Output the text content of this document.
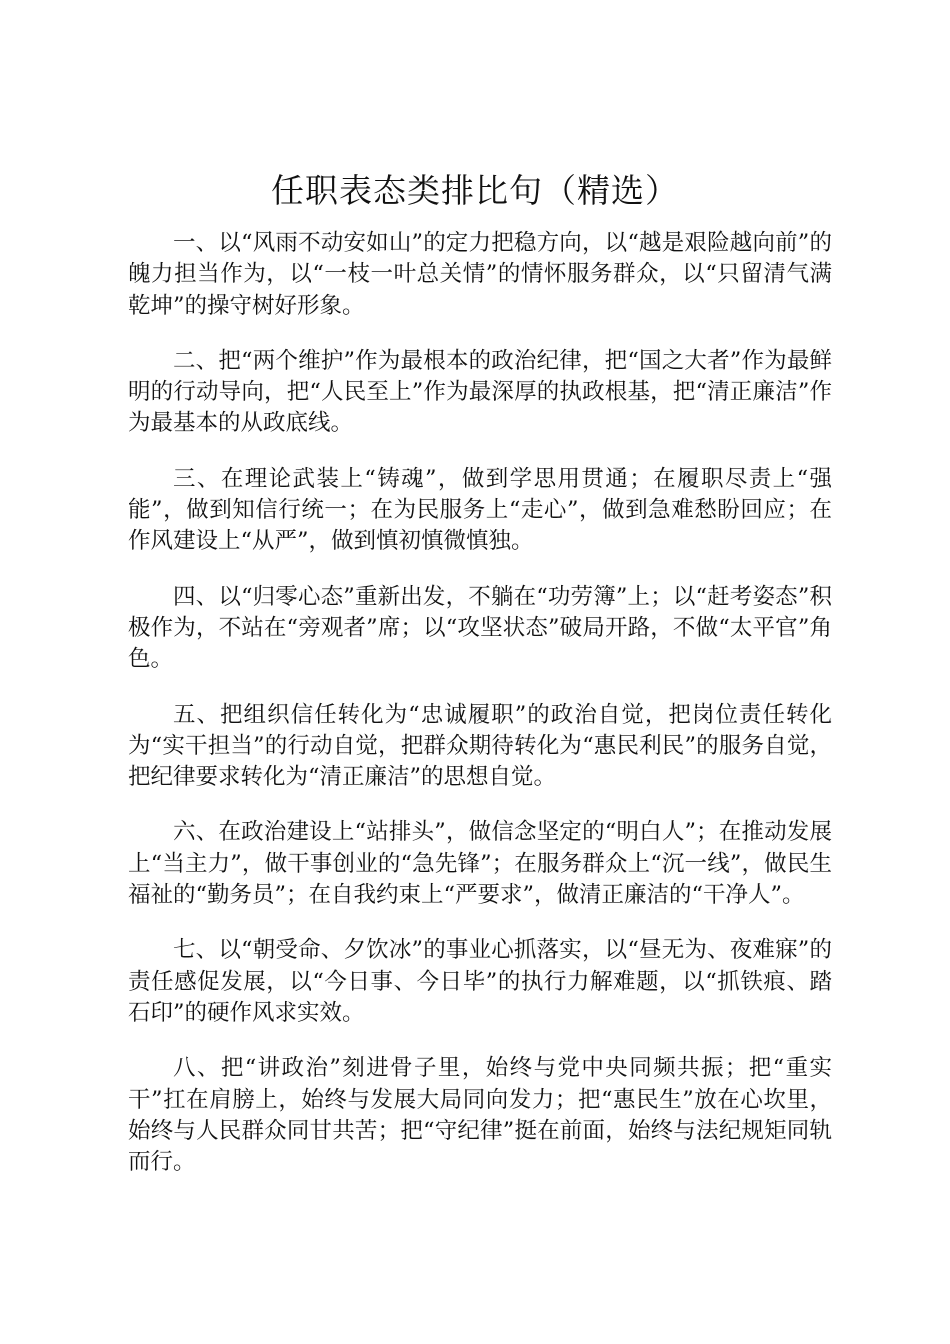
任职表态类排比句（精选）

一、以“风雨不动安如山”的定力把稳方向，以“越是艰险越向前”的魄力担当作为，以“一枝一叶总关情”的情怀服务群众，以“只留清气满乾坤”的操守树好形象。

二、把“两个维护”作为最根本的政治纪律，把“国之大者”作为最鲜明的行动导向，把“人民至上”作为最深厚的执政根基，把“清正廉洁”作为最基本的从政底线。

三、在理论武装上“铸魂”，做到学思用贯通；在履职尽责上“强能”，做到知信行统一；在为民服务上“走心”，做到急难愁盼回应；在作风建设上“从严”，做到慎初慎微慎独。

四、以“归零心态”重新出发，不躺在“功劳簿”上；以“赶考姿态”积极作为，不站在“旁观者”席；以“攻坚状态”破局开路，不做“太平官”角色。

五、把组织信任转化为“忠诚履职”的政治自觉，把岗位责任转化为“实干担当”的行动自觉，把群众期待转化为“惠民利民”的服务自觉，把纪律要求转化为“清正廉洁”的思想自觉。

六、在政治建设上“站排头”，做信念坚定的“明白人”；在推动发展上“当主力”，做干事创业的“急先锋”；在服务群众上“沉一线”，做民生福祉的“勤务员”；在自我约束上“严要求”，做清正廉洁的“干净人”。

七、以“朝受命、夕饮冰”的事业心抓落实，以“昼无为、夜难寐”的责任感促发展，以“今日事、今日毕”的执行力解难题，以“抓铁痕、踏石印”的硬作风求实效。

八、把“讲政治”刻进骨子里，始终与党中央同频共振；把“重实干”扛在肩膀上，始终与发展大局同向发力；把“惠民生”放在心坎里，始终与人民群众同甘共苦；把“守纪律”挺在前面，始终与法纪规矩同轨而行。
